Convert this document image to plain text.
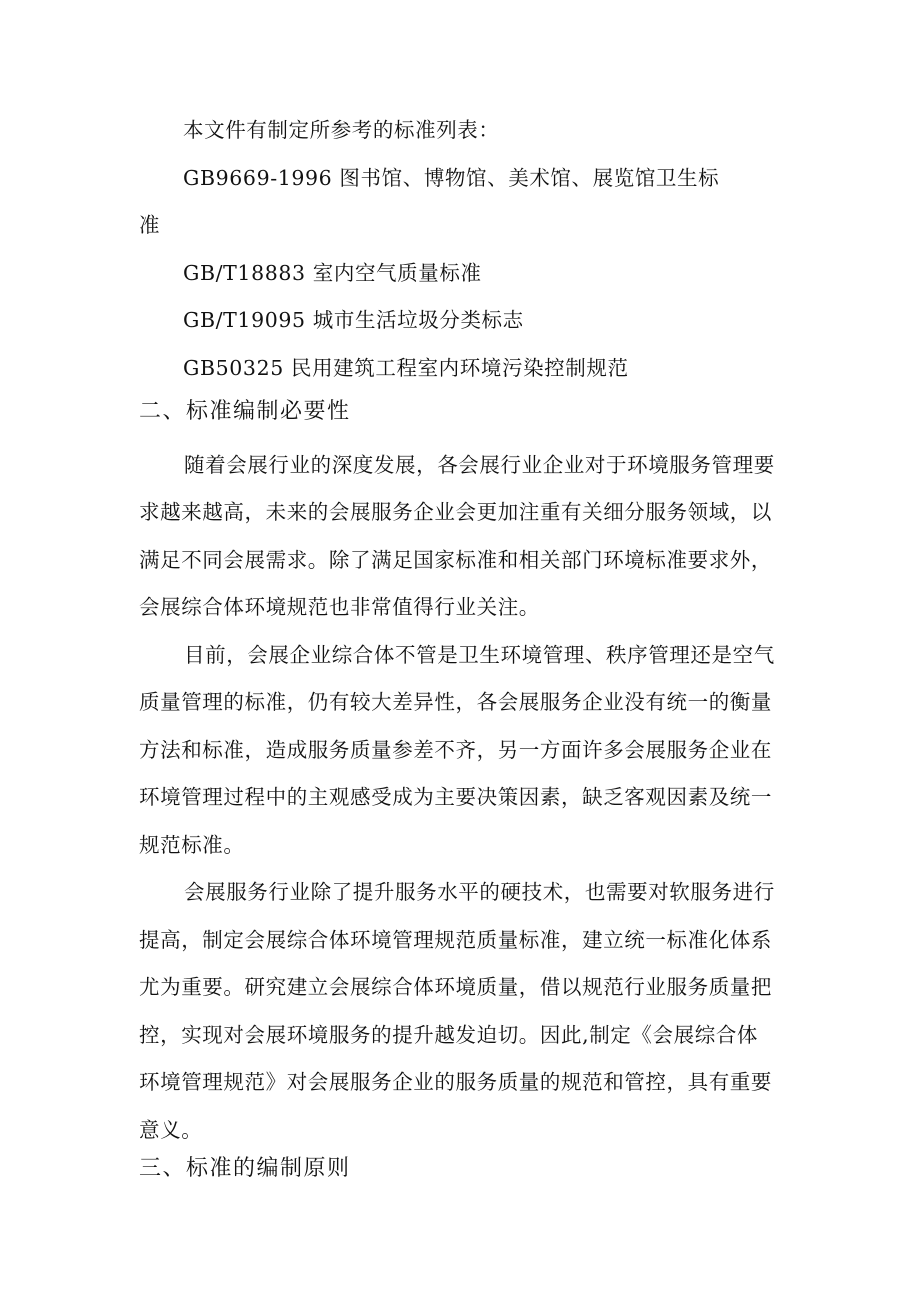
本文件有制定所参考的标准列表：
GB9669-1996 图书馆、博物馆、美术馆、展览馆卫生标
准
GB/T18883 室内空气质量标准
GB/T19095 城市生活垃圾分类标志
GB50325 民用建筑工程室内环境污染控制规范
二、标准编制必要性
随着会展行业的深度发展，各会展行业企业对于环境服务管理要
求越来越高，未来的会展服务企业会更加注重有关细分服务领域，以
满足不同会展需求。除了满足国家标准和相关部门环境标准要求外，
会展综合体环境规范也非常值得行业关注。
目前，会展企业综合体不管是卫生环境管理、秩序管理还是空气
质量管理的标准，仍有较大差异性，各会展服务企业没有统一的衡量
方法和标准，造成服务质量参差不齐，另一方面许多会展服务企业在
环境管理过程中的主观感受成为主要决策因素，缺乏客观因素及统一
规范标准。
会展服务行业除了提升服务水平的硬技术，也需要对软服务进行
提高，制定会展综合体环境管理规范质量标准，建立统一标准化体系
尤为重要。研究建立会展综合体环境质量，借以规范行业服务质量把
控，实现对会展环境服务的提升越发迫切。因此,制定《会展综合体
环境管理规范》对会展服务企业的服务质量的规范和管控，具有重要
意义。
三、标准的编制原则
